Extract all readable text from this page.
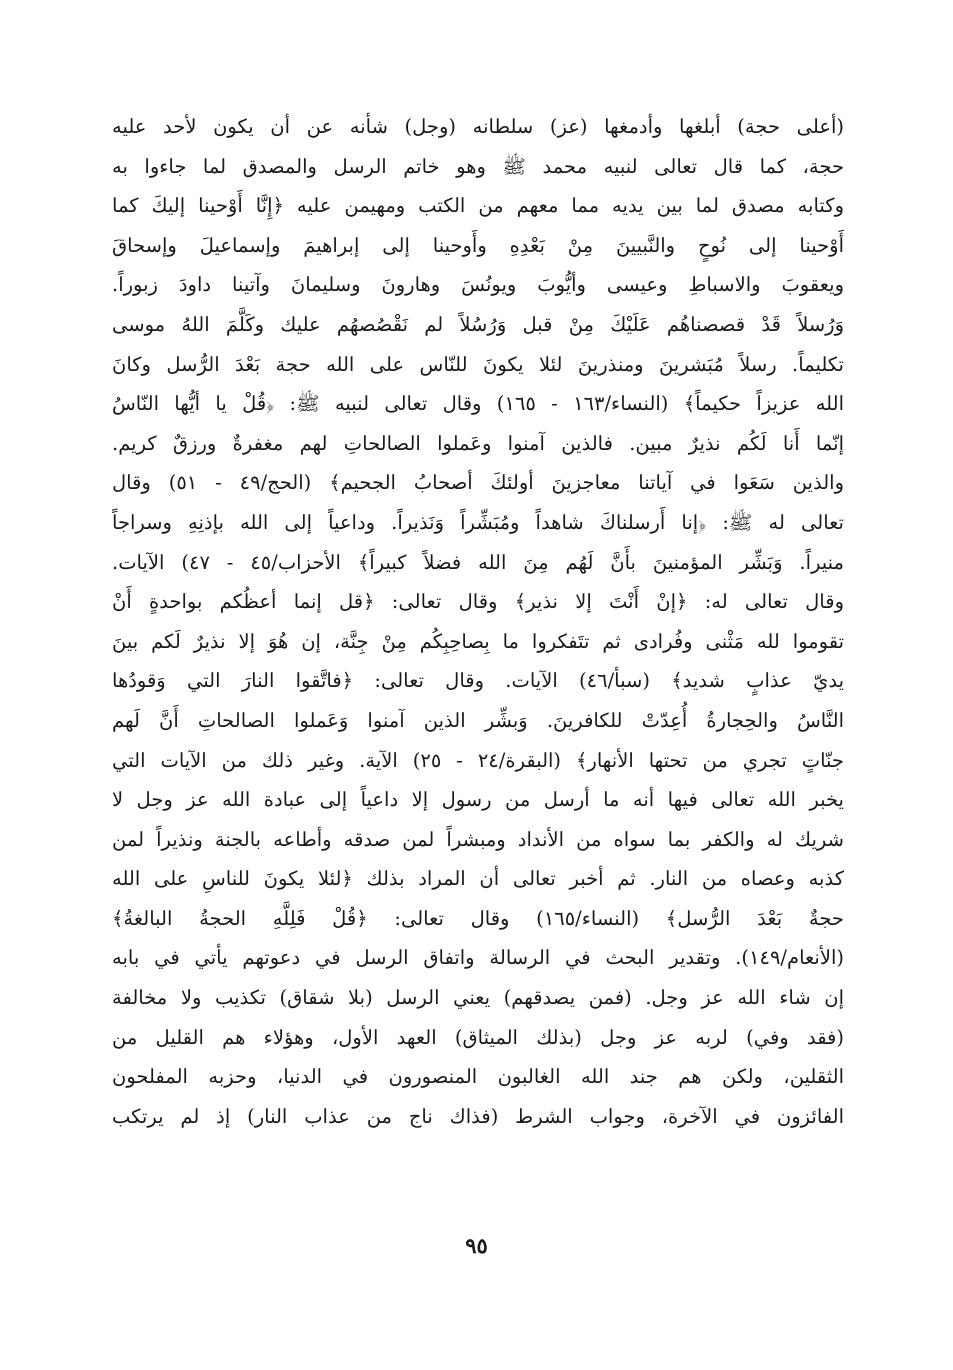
(أعلى حجة) أبلغها وأدمغها (عز) سلطانه (وجل) شأنه عن أن يكون لأحد عليه
حجة، كما قال تعالى لنبيه محمد ﷺ وهو خاتم الرسل والمصدق لما جاءوا به
وكتابه مصدق لما بين يديه مما معهم من الكتب ومهيمن عليه ﴿إِنَّا أَوْحينا إليكَ كما
أَوْحينا إلى نُوحٍ والنَّبيينَ مِنْ بَعْدِهِ وأَوحينا إلى إبراهيمَ وإسماعيلَ وإسحاقَ
ويعقوبَ والاسباطِ وعيسى وأيُّوبَ ويونُسَ وهارونَ وسليمانَ وآتينا داودَ زبوراً.
وَرُسلاً قَدْ قصصناهُم عَلَيْكَ مِنْ قبل وَرُسُلاً لم نَقْصُصهُم عليك وكَلَّمَ اللهُ موسى
تكليماً. رسلاً مُبَشرينَ ومنذرينَ لئلا يكونَ للنّاس على الله حجة بَعْدَ الرُّسل وكانَ
الله عزيزاً حكيماً﴾ (النساء/١٦٣ - ١٦٥) وقال تعالى لنبيه ﷺ: ﴿قُلْ يا أيُّها النّاسُ
إنّما أَنا لَكُم نذيرٌ مبين. فالذين آمنوا وعَملوا الصالحاتِ لهم مغفرةٌ ورزقٌ كريم.
والذين سَعَوا في آياتنا معاجزينَ أولئكَ أصحابُ الجحيم﴾ (الحج/٤٩ - ٥١) وقال
تعالى له ﷺ: ﴿إنا أَرسلناكَ شاهداً ومُبَشِّراً وَنَذيراً. وداعياً إلى الله بإذنِهِ وسراجاً
منيراً. وَبَشِّر المؤمنينَ بأَنَّ لَهُم مِنَ الله فضلاً كبيراً﴾ الأحزاب/٤٥ - ٤٧) الآيات.
وقال تعالى له: ﴿إنْ أَنْتَ إلا نذير﴾ وقال تعالى: ﴿قل إنما أعظُكم بواحدةٍ أَنْ
تقوموا لله مَثْنى وفُرادى ثم تتَفكروا ما بِصاحِبِكُم مِنْ جِنَّة، إن هُوَ إلا نذيرٌ لَكم بينَ
يديّ عذابٍ شديد﴾ (سبأ/٤٦) الآيات. وقال تعالى: ﴿فاتَّقوا النارَ التي وَقودُها
النَّاسُ والحِجارةُ أُعِدّتْ للكافرينَ. وَبشِّر الذين آمنوا وَعَملوا الصالحاتِ أَنَّ لَهم
جنّاتٍ تجري من تحتها الأنهار﴾ (البقرة/٢٤ - ٢٥) الآية. وغير ذلك من الآيات التي
يخبر الله تعالى فيها أنه ما أرسل من رسول إلا داعياً إلى عبادة الله عز وجل لا
شريك له والكفر بما سواه من الأنداد ومبشراً لمن صدقه وأطاعه بالجنة ونذيراً لمن
كذبه وعصاه من النار. ثم أخبر تعالى أن المراد بذلك ﴿لئلا يكونَ للناسِ على الله
حجةٌ بَعْدَ الرُّسل﴾ (النساء/١٦٥) وقال تعالى: ﴿قُلْ فَلِلَّهِ الحجةُ البالغةُ﴾
(الأنعام/١٤٩). وتقدير البحث في الرسالة واتفاق الرسل في دعوتهم يأتي في بابه
إن شاء الله عز وجل. (فمن يصدقهم) يعني الرسل (بلا شقاق) تكذيب ولا مخالفة
(فقد وفي) لربه عز وجل (بذلك الميثاق) العهد الأول، وهؤلاء هم القليل من
الثقلين، ولكن هم جند الله الغالبون المنصورون في الدنيا، وحزبه المفلحون
الفائزون في الآخرة، وجواب الشرط (فذاك ناج من عذاب النار) إذ لم يرتكب
٩٥
